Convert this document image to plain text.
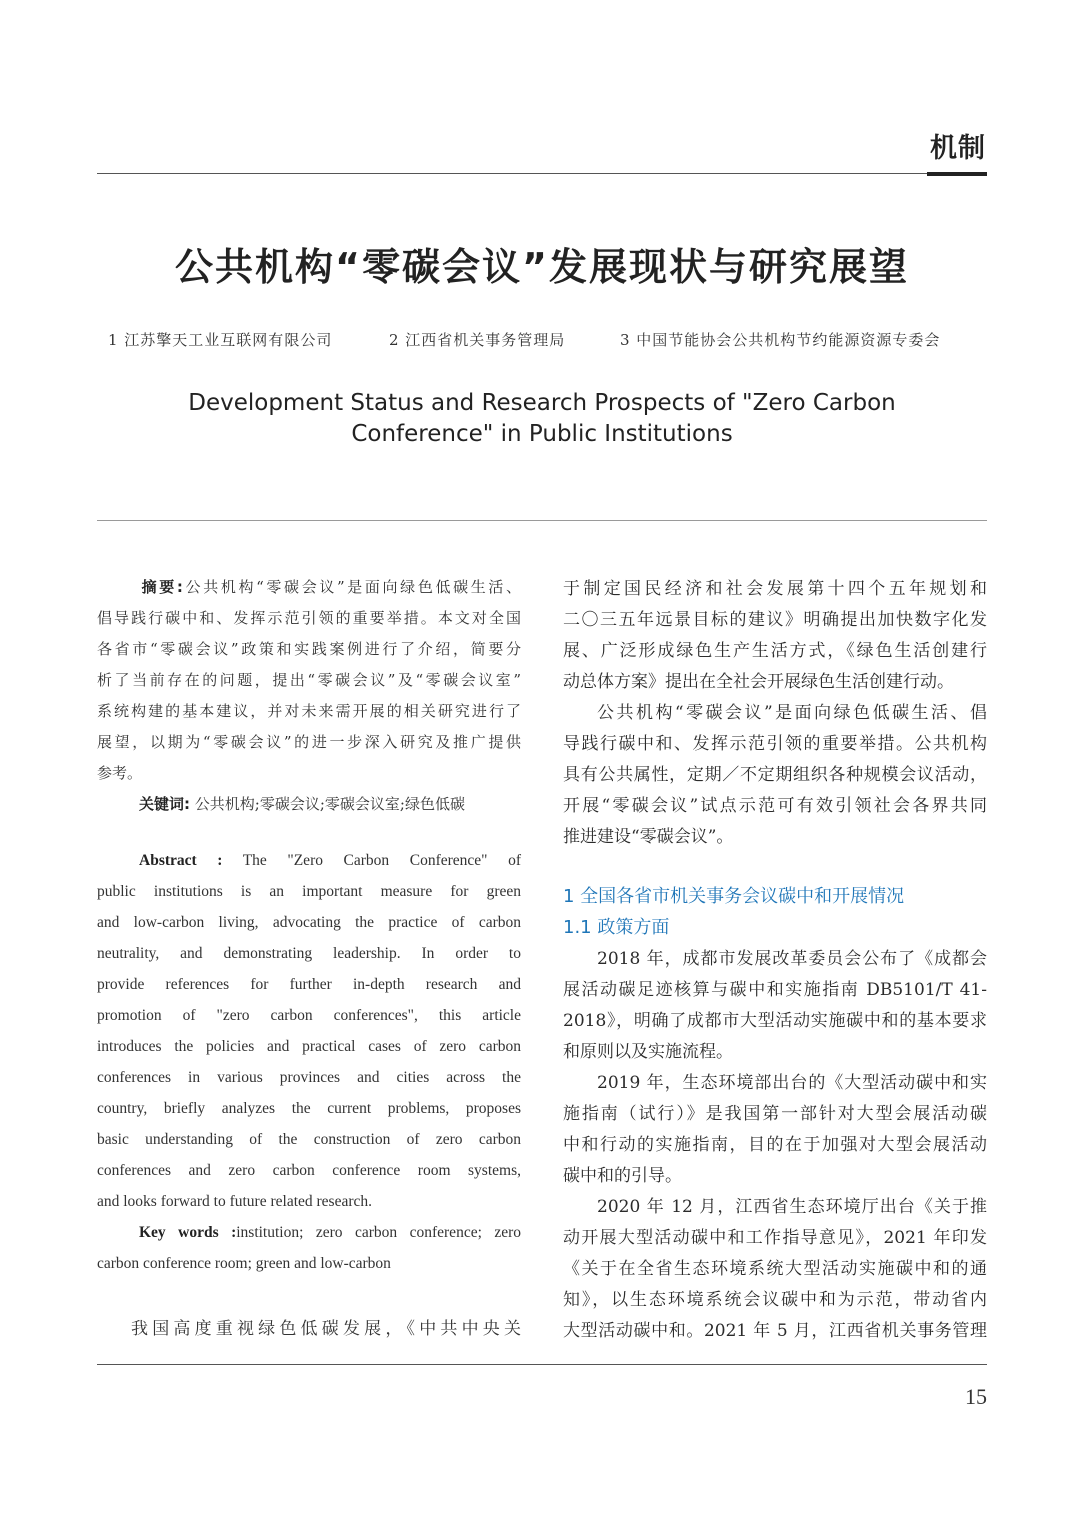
机制
公共机构“零碳会议”发展现状与研究展望
1 江苏擎天工业互联网有限公司	2 江西省机关事务管理局	3 中国节能协会公共机构节约能源资源专委会
Development Status and Research Prospects of "Zero Carbon
Conference" in Public Institutions
摘要:公共机构“零碳会议”是面向绿色低碳生活、
倡导践行碳中和、发挥示范引领的重要举措。本文对全国
各省市“零碳会议”政策和实践案例进行了介绍，简要分
析了当前存在的问题，提出“零碳会议”及“零碳会议室”
系统构建的基本建议，并对未来需开展的相关研究进行了
展望，以期为“零碳会议”的进一步深入研究及推广提供
参考。
关键词: 公共机构;零碳会议;零碳会议室;绿色低碳
Abstract : The "Zero Carbon Conference" of
public institutions is an important measure for green
and low-carbon living, advocating the practice of carbon
neutrality, and demonstrating leadership. In order to
provide references for further in-depth research and
promotion of "zero carbon conferences", this article
introduces the policies and practical cases of zero carbon
conferences in various provinces and cities across the
country, briefly analyzes the current problems, proposes
basic understanding of the construction of zero carbon
conferences and zero carbon conference room systems,
and looks forward to future related research.
Key words :institution; zero carbon conference; zero
carbon conference room; green and low-carbon
我国高度重视绿色低碳发展，《中共中央关
于制定国民经济和社会发展第十四个五年规划和
二〇三五年远景目标的建议》明确提出加快数字化发
展、广泛形成绿色生产生活方式，《绿色生活创建行
动总体方案》提出在全社会开展绿色生活创建行动。
公共机构“零碳会议”是面向绿色低碳生活、倡
导践行碳中和、发挥示范引领的重要举措。公共机构
具有公共属性，定期／不定期组织各种规模会议活动，
开展“零碳会议”试点示范可有效引领社会各界共同
推进建设“零碳会议”。
1 全国各省市机关事务会议碳中和开展情况
1.1 政策方面
2018 年，成都市发展改革委员会公布了《成都会
展活动碳足迹核算与碳中和实施指南 DB5101/T 41-
2018》，明确了成都市大型活动实施碳中和的基本要求
和原则以及实施流程。
2019 年，生态环境部出台的《大型活动碳中和实
施指南（试行）》是我国第一部针对大型会展活动碳
中和行动的实施指南，目的在于加强对大型会展活动
碳中和的引导。
2020 年 12 月，江西省生态环境厅出台《关于推
动开展大型活动碳中和工作指导意见》，2021 年印发
《关于在全省生态环境系统大型活动实施碳中和的通
知》，以生态环境系统会议碳中和为示范，带动省内
大型活动碳中和。2021 年 5 月，江西省机关事务管理
15
